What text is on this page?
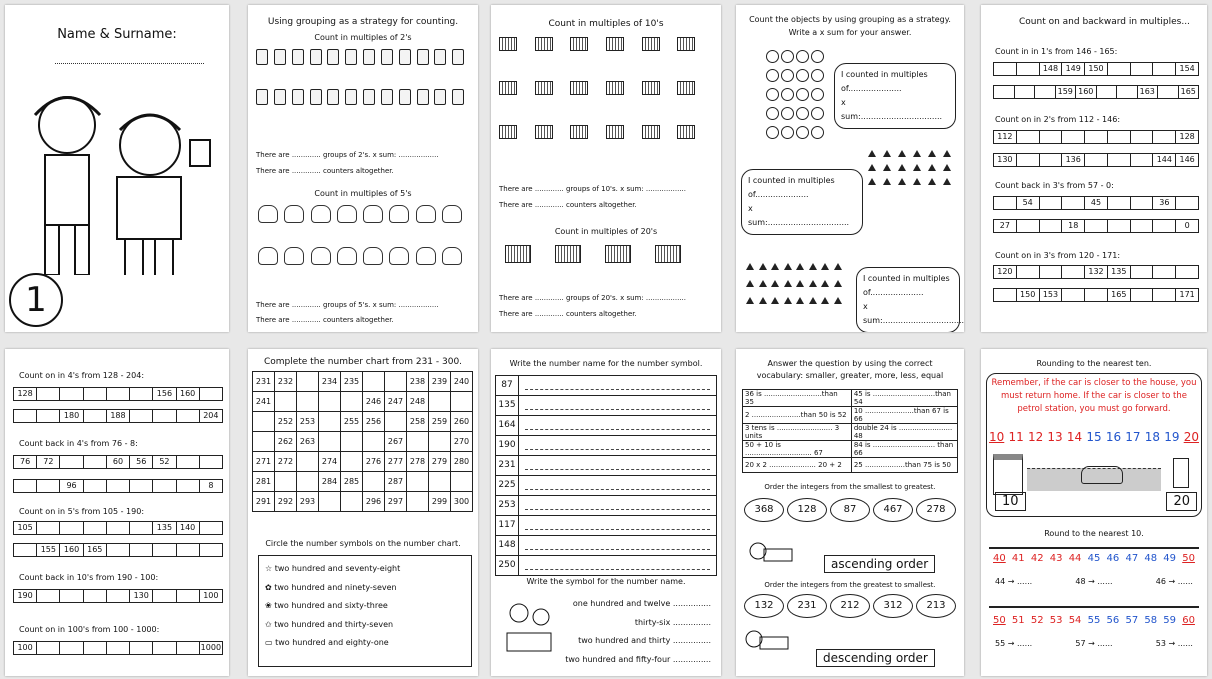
Name & Surname:
1
Using grouping as a strategy for counting.
Count in multiples of 2's
There are ............. groups of 2's. x sum: ..................
There are ............. counters altogether.
Count in multiples of 5's
There are ............. groups of 5's. x sum: ..................
There are ............. counters altogether.
Count in multiples of 10's
There are ............. groups of 10's. x sum: ..................
There are ............. counters altogether.
Count in multiples of 20's
There are ............. groups of 20's. x sum: ..................
There are ............. counters altogether.
Count the objects by using grouping as a strategy.
Write a x sum for your answer.
I counted in multiples
of.....................
x sum:................................
I counted in multiples
of.....................
x sum:................................
I counted in multiples
of.....................
x sum:................................
Count on and backward in multiples...
Count in in 1's from 146 - 165:
148 149 150	154
159 160	163	165
Count on in 2's from 112 - 146:
112	128
130	136	144 146
Count back in 3's from 57 - 0:
54	45	36
27	18	0
Count on in 3's from 120 - 171:
120	132 135
150 153	165	171
Count on in 4's from 128 - 204:
128	156 160
180	188	204
Count back in 4's from 76 - 8:
76	72	60	56	52
96	8
Count on in 5's from 105 - 190:
105	135 140
155 160 165
Count back in 10's from 190 - 100:
190	130	100
Count on in 100's from 100 - 1000:
100	1000
Complete the number chart from 231 - 300.
231	232		234	235			238	239	240
241					246	247	248		
	252	253		255	256		258	259	260
	262	263				267			270
271	272		274		276	277	278	279	280
281			284	285		287			
291	292	293			296	297		299	300
Circle the number symbols on the number chart.
☆ two hundred and seventy-eight
✿ two hundred and ninety-seven
❀ two hundred and sixty-three
✩ two hundred and thirty-seven
▭ two hundred and eighty-one
Write the number name for the number symbol.
87
135
164
190
231
225
253
117
148
250
Write the symbol for the number name.
one hundred and twelve ...............
thirty-six ...............
two hundred and thirty ...............
two hundred and fifty-four ...............
Answer the question by using the correct
vocabulary: smaller, greater, more, less, equal
36 is ..........................than 35	45 is ............................than 54
2 ......................than 50 is 52	10 ......................than 67 is 66
3 tens is ......................... 3 units	double 24 is ........................ 48
50 + 10 is .............................. 67	84 is ............................ than 66
20 x 2 ..................... 20 + 2	25 ..................than 75 is 50
Order the integers from the smallest to greatest.
368	128	87	467	278
ascending order
Order the integers from the greatest to smallest.
132	231	212	312	213
descending order
Rounding to the nearest ten.
Remember, if the car is closer to the house, you must return home. If the car is closer to the petrol station, you must go forward.
10 11 12 13 14 15 16 17 18 19 20
10	20
Round to the nearest 10.
40 41 42 43 44 45 46 47 48 49 50
44 → ......	48 → ......	46 → ......
50 51 52 53 54 55 56 57 58 59 60
55 → ......	57 → ......	53 → ......
